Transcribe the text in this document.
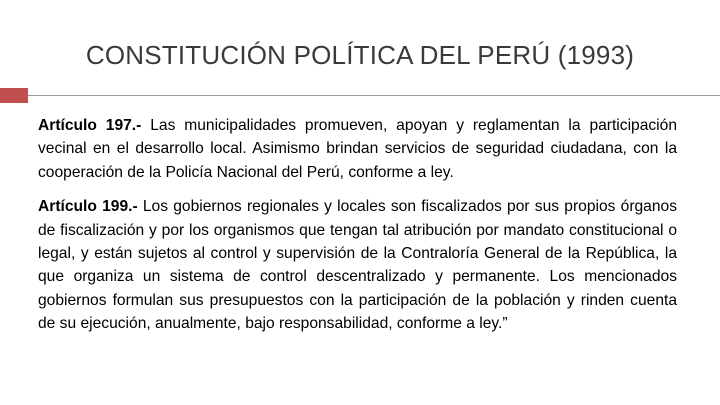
CONSTITUCIÓN POLÍTICA DEL PERÚ (1993)

Artículo 197.- Las municipalidades promueven, apoyan y reglamentan la participación vecinal en el desarrollo local. Asimismo brindan servicios de seguridad ciudadana, con la cooperación de la Policía Nacional del Perú, conforme a ley.

Artículo 199.- Los gobiernos regionales y locales son fiscalizados por sus propios órganos de fiscalización y por los organismos que tengan tal atribución por mandato constitucional o legal, y están sujetos al control y supervisión de la Contraloría General de la República, la que organiza un sistema de control descentralizado y permanente. Los mencionados gobiernos formulan sus presupuestos con la participación de la población y rinden cuenta de su ejecución, anualmente, bajo responsabilidad, conforme a ley.”
